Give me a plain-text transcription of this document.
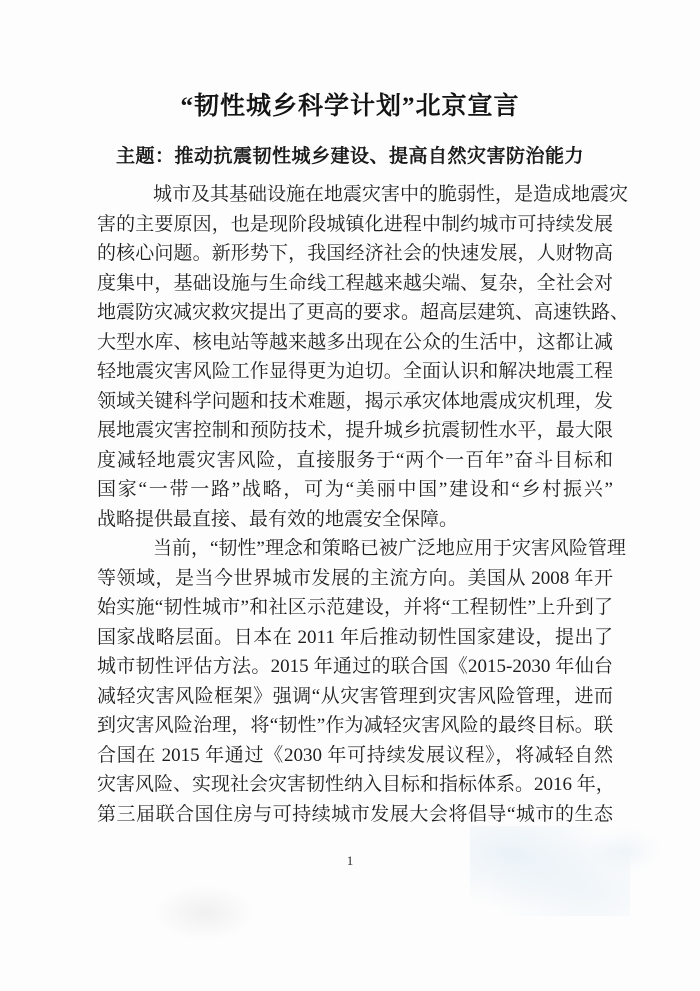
“韧性城乡科学计划”北京宣言
主题：推动抗震韧性城乡建设、提高自然灾害防治能力
城市及其基础设施在地震灾害中的脆弱性，是造成地震灾
害的主要原因，也是现阶段城镇化进程中制约城市可持续发展
的核心问题。新形势下，我国经济社会的快速发展，人财物高
度集中，基础设施与生命线工程越来越尖端、复杂，全社会对
地震防灾减灾救灾提出了更高的要求。超高层建筑、高速铁路、
大型水库、核电站等越来越多出现在公众的生活中，这都让减
轻地震灾害风险工作显得更为迫切。全面认识和解决地震工程
领域关键科学问题和技术难题，揭示承灾体地震成灾机理，发
展地震灾害控制和预防技术，提升城乡抗震韧性水平，最大限
度减轻地震灾害风险，直接服务于“两个一百年”奋斗目标和
国家“一带一路”战略，可为“美丽中国”建设和“乡村振兴”
战略提供最直接、最有效的地震安全保障。
当前，“韧性”理念和策略已被广泛地应用于灾害风险管理
等领域，是当今世界城市发展的主流方向。美国从 2008 年开
始实施“韧性城市”和社区示范建设，并将“工程韧性”上升到了
国家战略层面。日本在 2011 年后推动韧性国家建设，提出了
城市韧性评估方法。2015 年通过的联合国《2015-2030 年仙台
减轻灾害风险框架》强调“从灾害管理到灾害风险管理，进而
到灾害风险治理，将“韧性”作为减轻灾害风险的最终目标。联
合国在 2015 年通过《2030 年可持续发展议程》，将减轻自然
灾害风险、实现社会灾害韧性纳入目标和指标体系。2016 年，
第三届联合国住房与可持续城市发展大会将倡导“城市的生态
1
